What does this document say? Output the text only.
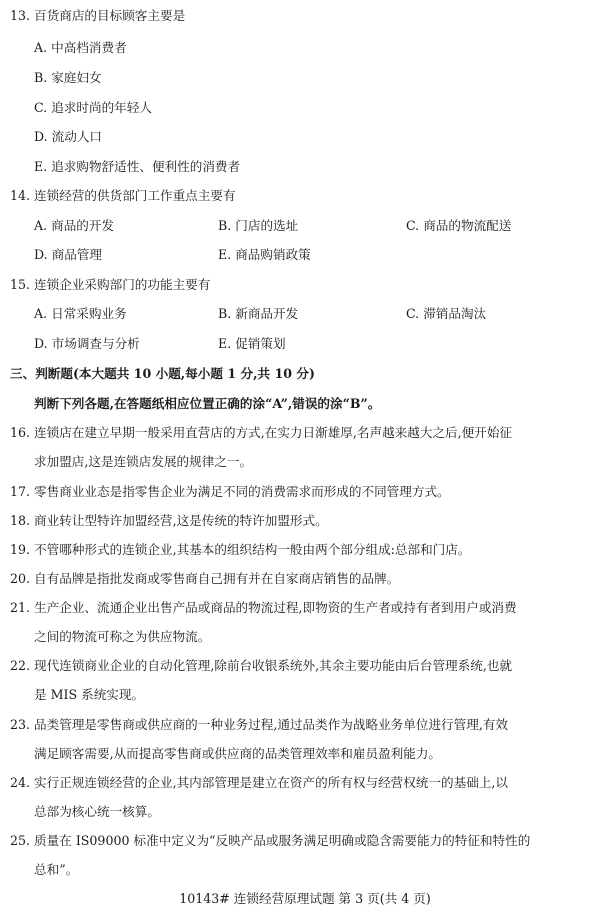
13. 百货商店的目标顾客主要是
A. 中高档消费者
B. 家庭妇女
C. 追求时尚的年轻人
D. 流动人口
E. 追求购物舒适性、便利性的消费者
14. 连锁经营的供货部门工作重点主要有
A. 商品的开发	B. 门店的选址	C. 商品的物流配送
D. 商品管理	E. 商品购销政策
15. 连锁企业采购部门的功能主要有
A. 日常采购业务	B. 新商品开发	C. 滞销品淘汰
D. 市场调查与分析	E. 促销策划
三、判断题(本大题共 10 小题,每小题 1 分,共 10 分)
判断下列各题,在答题纸相应位置正确的涂“A”,错误的涂“B”。
16. 连锁店在建立早期一般采用直营店的方式,在实力日渐雄厚,名声越来越大之后,便开始征
求加盟店,这是连锁店发展的规律之一。
17. 零售商业业态是指零售企业为满足不同的消费需求而形成的不同管理方式。
18. 商业转让型特许加盟经营,这是传统的特许加盟形式。
19. 不管哪种形式的连锁企业,其基本的组织结构一般由两个部分组成:总部和门店。
20. 自有品牌是指批发商或零售商自己拥有并在自家商店销售的品牌。
21. 生产企业、流通企业出售产品或商品的物流过程,即物资的生产者或持有者到用户或消费
之间的物流可称之为供应物流。
22. 现代连锁商业企业的自动化管理,除前台收银系统外,其余主要功能由后台管理系统,也就
是 MIS 系统实现。
23. 品类管理是零售商或供应商的一种业务过程,通过品类作为战略业务单位进行管理,有效
满足顾客需要,从而提高零售商或供应商的品类管理效率和雇员盈利能力。
24. 实行正规连锁经营的企业,其内部管理是建立在资产的所有权与经营权统一的基础上,以
总部为核心统一核算。
25. 质量在 IS09000 标准中定义为“反映产品或服务满足明确或隐含需要能力的特征和特性的
总和”。
10143# 连锁经营原理试题 第 3 页(共 4 页)
